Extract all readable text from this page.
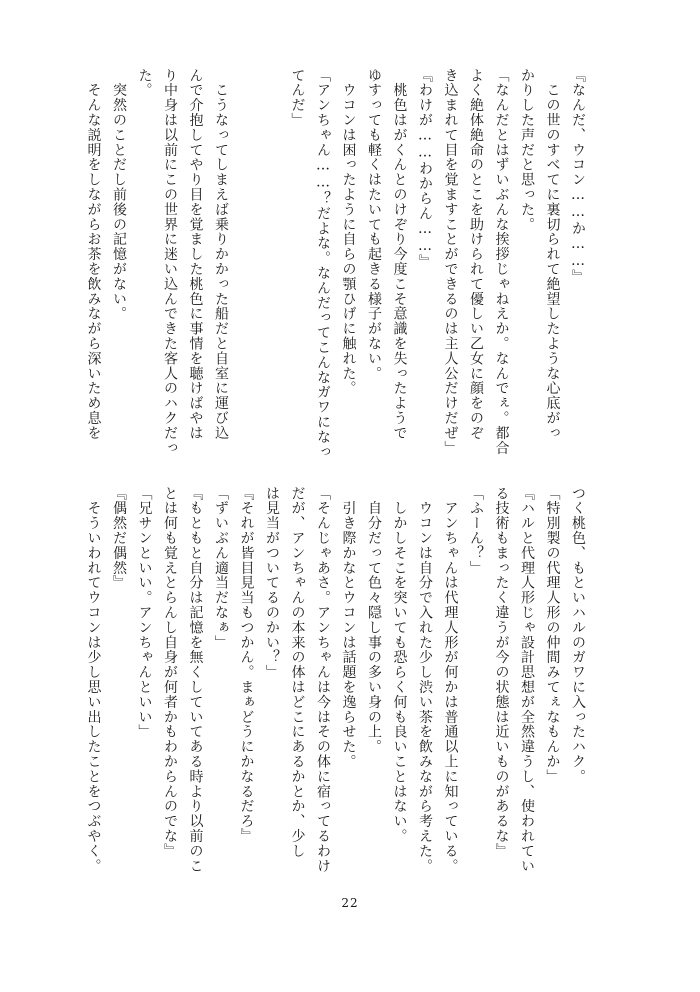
『なんだ、ウコン……か……』
　この世のすべてに裏切られて絶望したような心底がっ
かりした声だと思った。
「なんだとはずいぶんな挨拶じゃねえか。なんでぇ。都合
よく絶体絶命のとこを助けられて優しい乙女に顔をのぞ
き込まれて目を覚ますことができるのは主人公だけだぜ」
『わけが……わからん……』
　桃色はがくんとのけぞり今度こそ意識を失ったようで
ゆすっても軽くはたいても起きる様子がない。
　ウコンは困ったように自らの顎ひげに触れた。
「アンちゃん……？だよな。なんだってこんなガワになっ
てんだ」
　こうなってしまえば乗りかかった船だと自室に運び込
んで介抱してやり目を覚ました桃色に事情を聴けばやは
り中身は以前にこの世界に迷い込んできた客人のハクだっ
た。
　突然のことだし前後の記憶がない。
　そんな説明をしながらお茶を飲みながら深いため息を
つく桃色、もといハルのガワに入ったハク。
「特別製の代理人形の仲間みてぇなもんか」
『ハルと代理人形じゃ設計思想が全然違うし、使われてい
る技術もまったく違うが今の状態は近いものがあるな』
「ふーん？」
　アンちゃんは代理人形が何かは普通以上に知っている。
　ウコンは自分で入れた少し渋い茶を飲みながら考えた。
　しかしそこを突いても恐らく何も良いことはない。
　自分だって色々隠し事の多い身の上。
　引き際かなとウコンは話題を逸らせた。
「そんじゃあさ。アンちゃんは今はその体に宿ってるわけ
だが、アンちゃんの本来の体はどこにあるかとか、少し
は見当がついてるのかい？」
『それが皆目見当もつかん。まぁどうにかなるだろ』
「ずいぶん適当だなぁ」
『もともと自分は記憶を無くしていてある時より以前のこ
とは何も覚えとらんし自身が何者かもわからんのでな』
「兄サンといい。アンちゃんといい」
『偶然だ偶然』
　そういわれてウコンは少し思い出したことをつぶやく。
22
